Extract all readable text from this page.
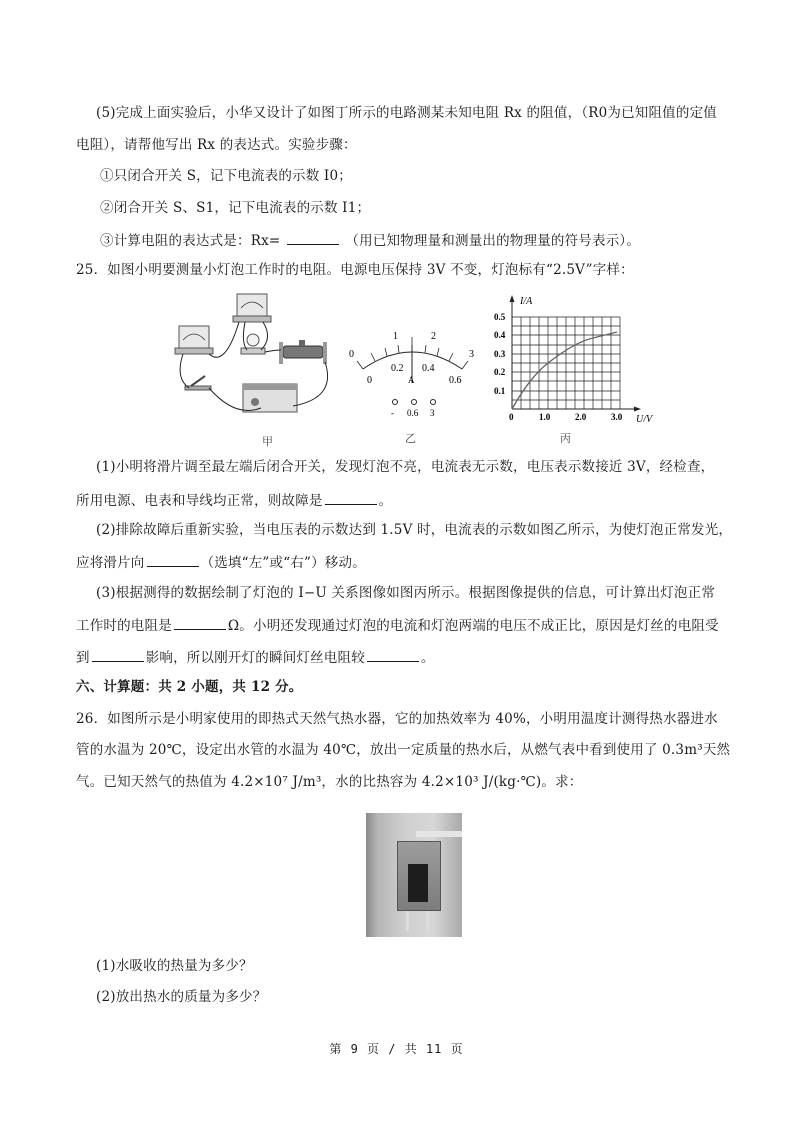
(5)完成上面实验后，小华又设计了如图丁所示的电路测某未知电阻 Rx 的阻值，（R0为已知阻值的定值
电阻），请帮他写出 Rx 的表达式。实验步骤：
①只闭合开关 S，记下电流表的示数 I0；
②闭合开关 S、S1，记下电流表的示数 I1；
③计算电阻的表达式是：Rx=	（用已知物理量和测量出的物理量的符号表示）。
25．如图小明要测量小灯泡工作时的电阻。电源电压保持 3V 不变，灯泡标有“2.5V”字样：
甲
0
1	2
3
0
0.2 0.4
0.6
A
- 0.6 3
乙
I/A
0.5
0.4
0.3
0.2
0.1
0	1.0	2.0	3.0 U/V
丙
(1)小明将滑片调至最左端后闭合开关，发现灯泡不亮，电流表无示数，电压表示数接近 3V，经检查，
所用电源、电表和导线均正常，则故障是	。
(2)排除故障后重新实验，当电压表的示数达到 1.5V 时，电流表的示数如图乙所示，为使灯泡正常发光，
应将滑片向	（选填“左”或“右”）移动。
(3)根据测得的数据绘制了灯泡的 I−U 关系图像如图丙所示。根据图像提供的信息，可计算出灯泡正常
工作时的电阻是	Ω。小明还发现通过灯泡的电流和灯泡两端的电压不成正比，原因是灯丝的电阻受
到	影响，所以刚开灯的瞬间灯丝电阻较	。
六、计算题：共 2 小题，共 12 分。
26．如图所示是小明家使用的即热式天然气热水器，它的加热效率为 40%，小明用温度计测得热水器进水
管的水温为 20℃，设定出水管的水温为 40℃，放出一定质量的热水后，从燃气表中看到使用了 0.3m³天然
气。已知天然气的热值为 4.2×10⁷ J/m³，水的比热容为 4.2×10³ J/(kg·℃)。求：
(1)水吸收的热量为多少？
(2)放出热水的质量为多少？
第 9 页 / 共 11 页
